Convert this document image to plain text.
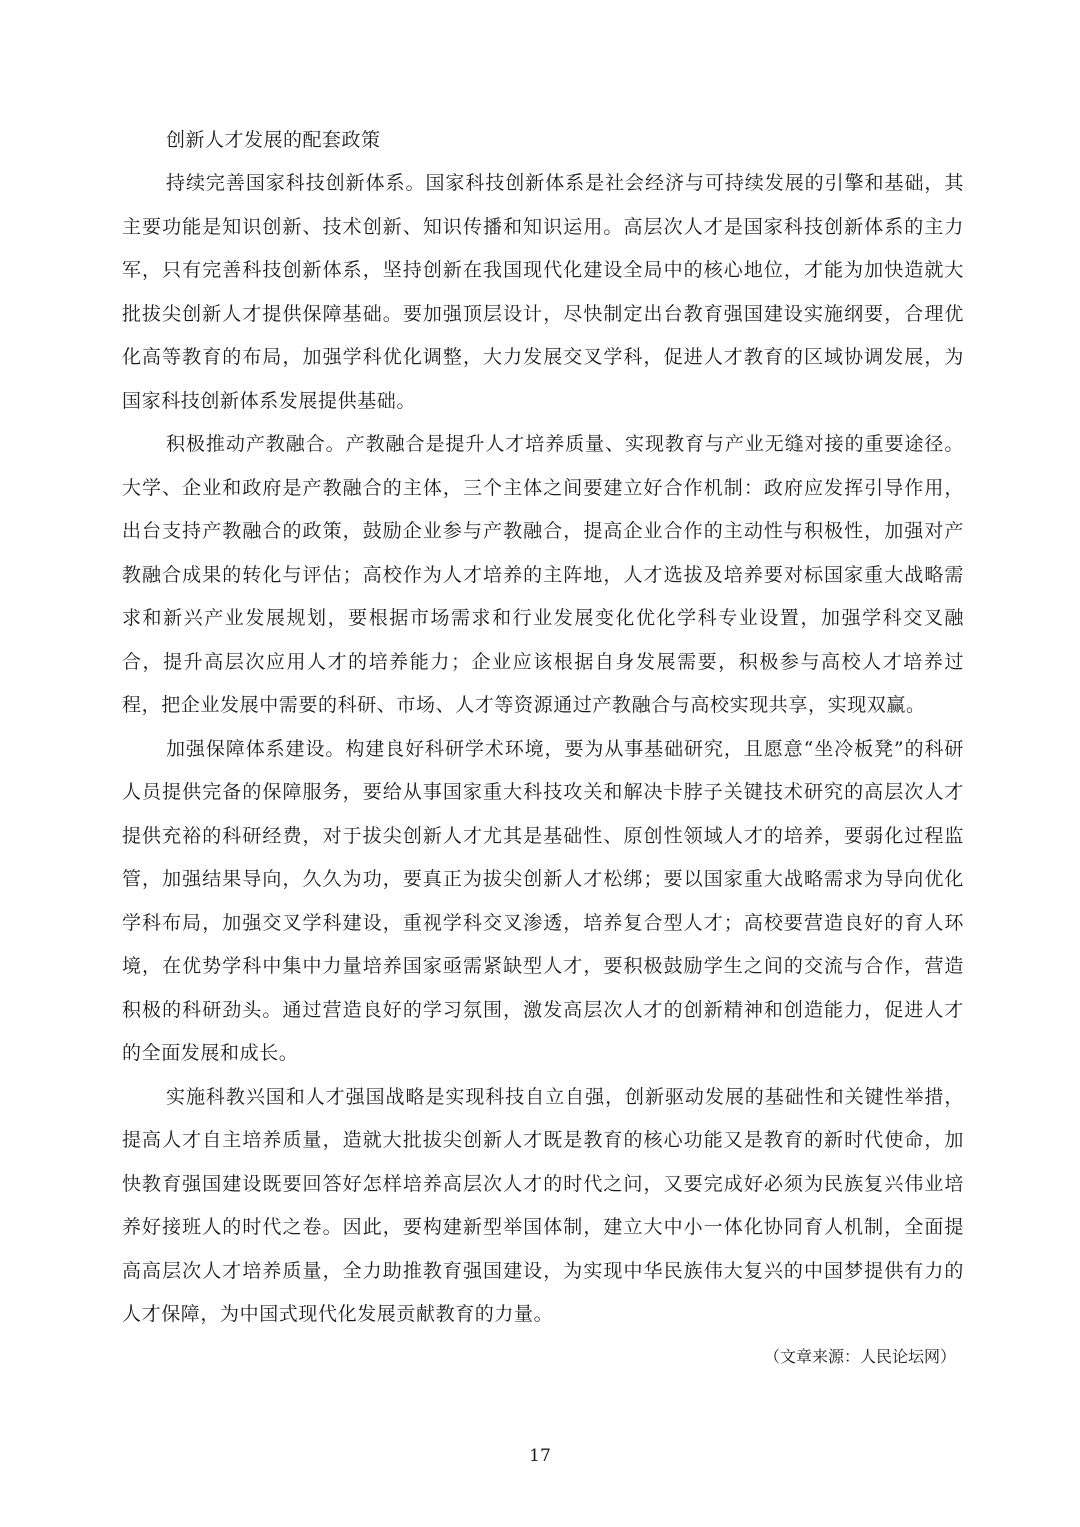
创新人才发展的配套政策

持续完善国家科技创新体系。国家科技创新体系是社会经济与可持续发展的引擎和基础，其主要功能是知识创新、技术创新、知识传播和知识运用。高层次人才是国家科技创新体系的主力军，只有完善科技创新体系，坚持创新在我国现代化建设全局中的核心地位，才能为加快造就大批拔尖创新人才提供保障基础。要加强顶层设计，尽快制定出台教育强国建设实施纲要，合理优化高等教育的布局，加强学科优化调整，大力发展交叉学科，促进人才教育的区域协调发展，为国家科技创新体系发展提供基础。

积极推动产教融合。产教融合是提升人才培养质量、实现教育与产业无缝对接的重要途径。大学、企业和政府是产教融合的主体，三个主体之间要建立好合作机制：政府应发挥引导作用，出台支持产教融合的政策，鼓励企业参与产教融合，提高企业合作的主动性与积极性，加强对产教融合成果的转化与评估；高校作为人才培养的主阵地，人才选拔及培养要对标国家重大战略需求和新兴产业发展规划，要根据市场需求和行业发展变化优化学科专业设置，加强学科交叉融合，提升高层次应用人才的培养能力；企业应该根据自身发展需要，积极参与高校人才培养过程，把企业发展中需要的科研、市场、人才等资源通过产教融合与高校实现共享，实现双赢。

加强保障体系建设。构建良好科研学术环境，要为从事基础研究，且愿意“坐冷板凳”的科研人员提供完备的保障服务，要给从事国家重大科技攻关和解决卡脖子关键技术研究的高层次人才提供充裕的科研经费，对于拔尖创新人才尤其是基础性、原创性领域人才的培养，要弱化过程监管，加强结果导向，久久为功，要真正为拔尖创新人才松绑；要以国家重大战略需求为导向优化学科布局，加强交叉学科建设，重视学科交叉渗透，培养复合型人才；高校要营造良好的育人环境，在优势学科中集中力量培养国家亟需紧缺型人才，要积极鼓励学生之间的交流与合作，营造积极的科研劲头。通过营造良好的学习氛围，激发高层次人才的创新精神和创造能力，促进人才的全面发展和成长。

实施科教兴国和人才强国战略是实现科技自立自强，创新驱动发展的基础性和关键性举措，提高人才自主培养质量，造就大批拔尖创新人才既是教育的核心功能又是教育的新时代使命，加快教育强国建设既要回答好怎样培养高层次人才的时代之问，又要完成好必须为民族复兴伟业培养好接班人的时代之卷。因此，要构建新型举国体制，建立大中小一体化协同育人机制，全面提高高层次人才培养质量，全力助推教育强国建设，为实现中华民族伟大复兴的中国梦提供有力的人才保障，为中国式现代化发展贡献教育的力量。

（文章来源：人民论坛网）

17
